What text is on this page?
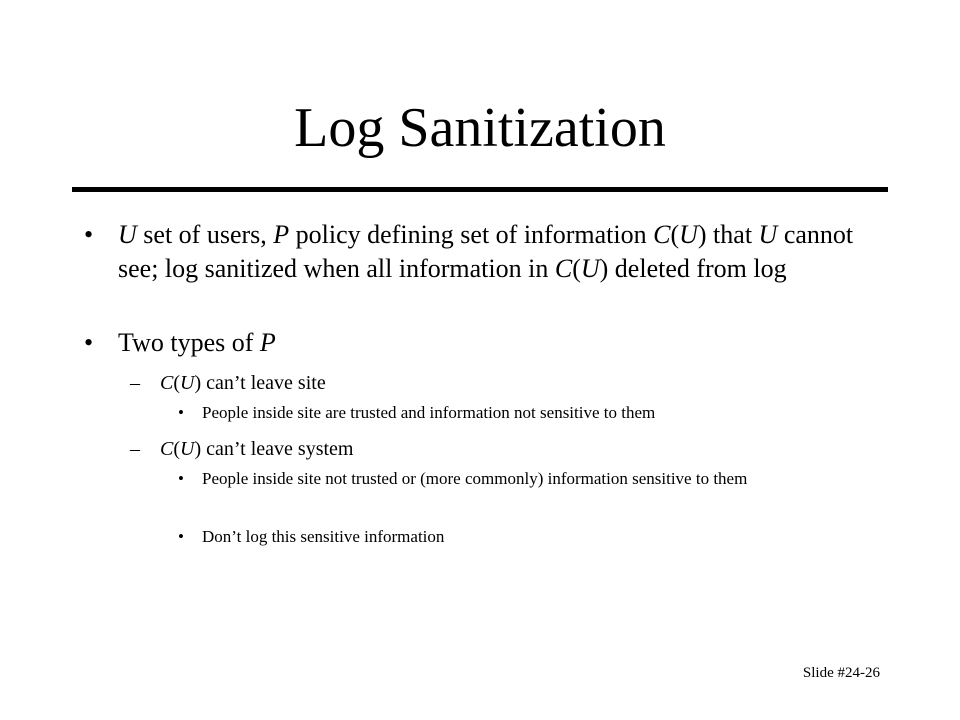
Log Sanitization
• U set of users, P policy defining set of information C(U) that U cannot see; log sanitized when all information in C(U) deleted from log
• Two types of P
– C(U) can’t leave site
• People inside site are trusted and information not sensitive to them
– C(U) can’t leave system
• People inside site not trusted or (more commonly) information sensitive to them
• Don’t log this sensitive information
Slide #24-26
